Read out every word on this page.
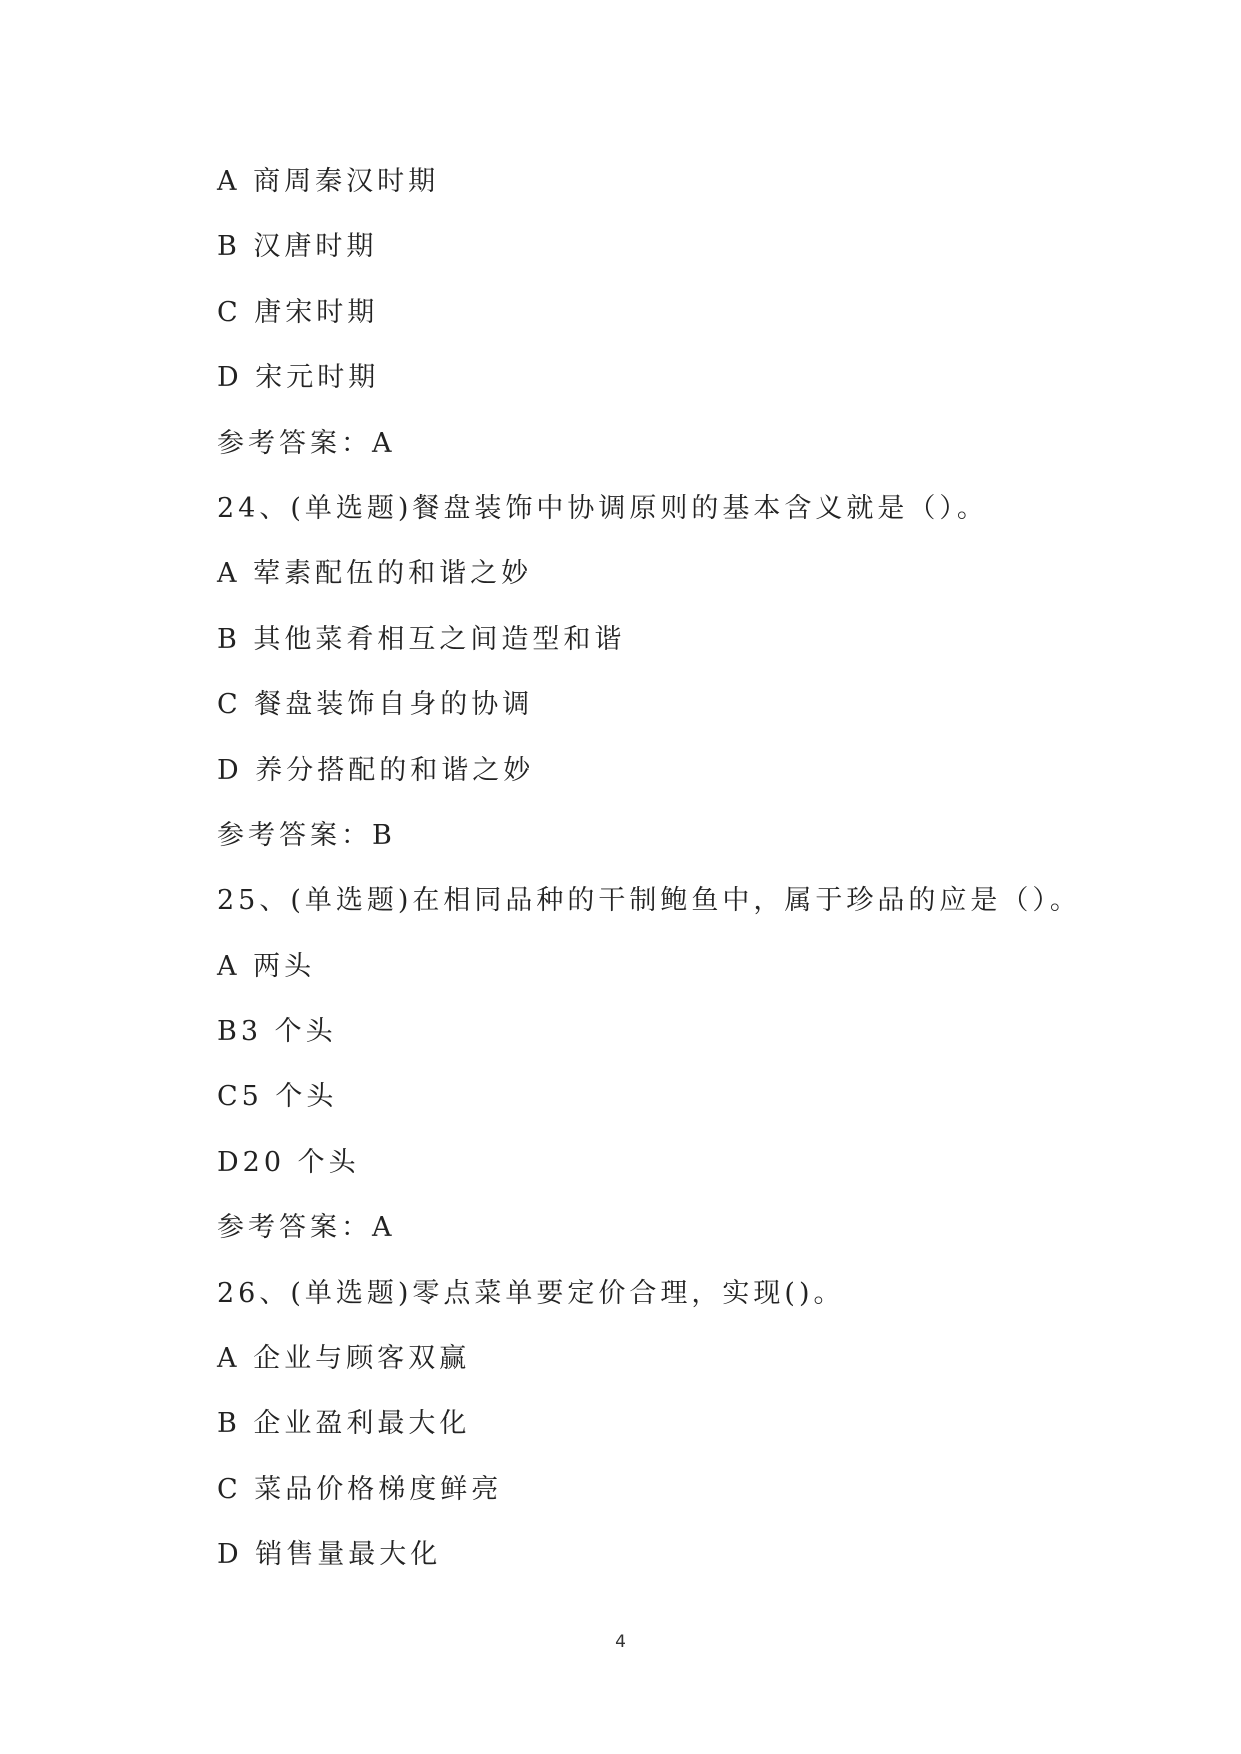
A 商周秦汉时期
B 汉唐时期
C 唐宋时期
D 宋元时期
参考答案：A
24、(单选题)餐盘装饰中协调原则的基本含义就是（）。
A 荤素配伍的和谐之妙
B 其他菜肴相互之间造型和谐
C 餐盘装饰自身的协调
D 养分搭配的和谐之妙
参考答案：B
25、(单选题)在相同品种的干制鲍鱼中，属于珍品的应是（）。
A 两头
B3 个头
C5 个头
D20 个头
参考答案：A
26、(单选题)零点菜单要定价合理，实现()。
A 企业与顾客双赢
B 企业盈利最大化
C 菜品价格梯度鲜亮
D 销售量最大化
4
